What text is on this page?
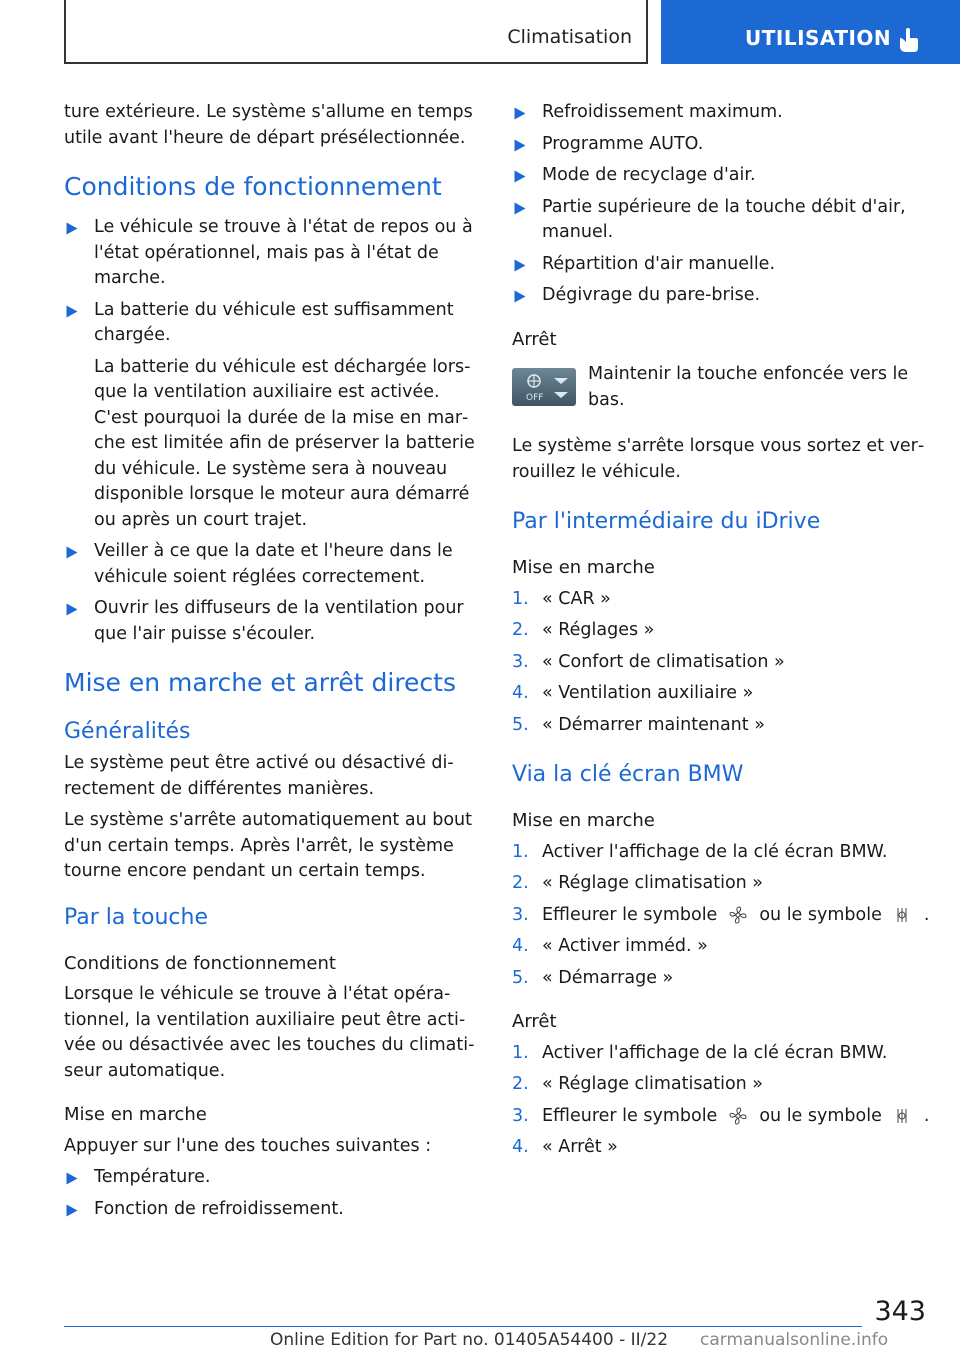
Climatisation	UTILISATION

ture extérieure. Le système s'allume en temps utile avant l'heure de départ présélectionnée.

Conditions de fonctionnement
Le véhicule se trouve à l'état de repos ou à l'état opérationnel, mais pas à l'état de marche.
La batterie du véhicule est suffisamment chargée.
La batterie du véhicule est déchargée lorsque la ventilation auxiliaire est activée. C'est pourquoi la durée de la mise en marche est limitée afin de préserver la batterie du véhicule. Le système sera à nouveau disponible lorsque le moteur aura démarré ou après un court trajet.
Veiller à ce que la date et l'heure dans le véhicule soient réglées correctement.
Ouvrir les diffuseurs de la ventilation pour que l'air puisse s'écouler.
Mise en marche et arrêt directs
Généralités

Le système peut être activé ou désactivé directement de différentes manières.

Le système s'arrête automatiquement au bout d'un certain temps. Après l'arrêt, le système tourne encore pendant un certain temps.

Par la touche
Conditions de fonctionnement

Lorsque le véhicule se trouve à l'état opérationnel, la ventilation auxiliaire peut être activée ou désactivée avec les touches du climatiseur automatique.

Mise en marche

Appuyer sur l'une des touches suivantes :

Température.
Fonction de refroidissement.
Refroidissement maximum.
Programme AUTO.
Mode de recyclage d'air.
Partie supérieure de la touche débit d'air, manuel.
Répartition d'air manuelle.
Dégivrage du pare-brise.
Arrêt
OFF
Maintenir la touche enfoncée vers le bas.

Le système s'arrête lorsque vous sortez et verrouillez le véhicule.

Par l'intermédiaire du iDrive
Mise en marche
1. « CAR »
2. « Réglages »
3. « Confort de climatisation »
4. « Ventilation auxiliaire »
5. « Démarrer maintenant »
Via la clé écran BMW
Mise en marche
1. Activer l'affichage de la clé écran BMW.
2. « Réglage climatisation »
3. Effleurer le symbole ou le symbole .
4. « Activer imméd. »
5. « Démarrage »
Arrêt
1. Activer l'affichage de la clé écran BMW.
2. « Réglage climatisation »
3. Effleurer le symbole ou le symbole .
4. « Arrêt »
343
Online Edition for Part no. 01405A54400 - II/22 carmanualsonline.info
